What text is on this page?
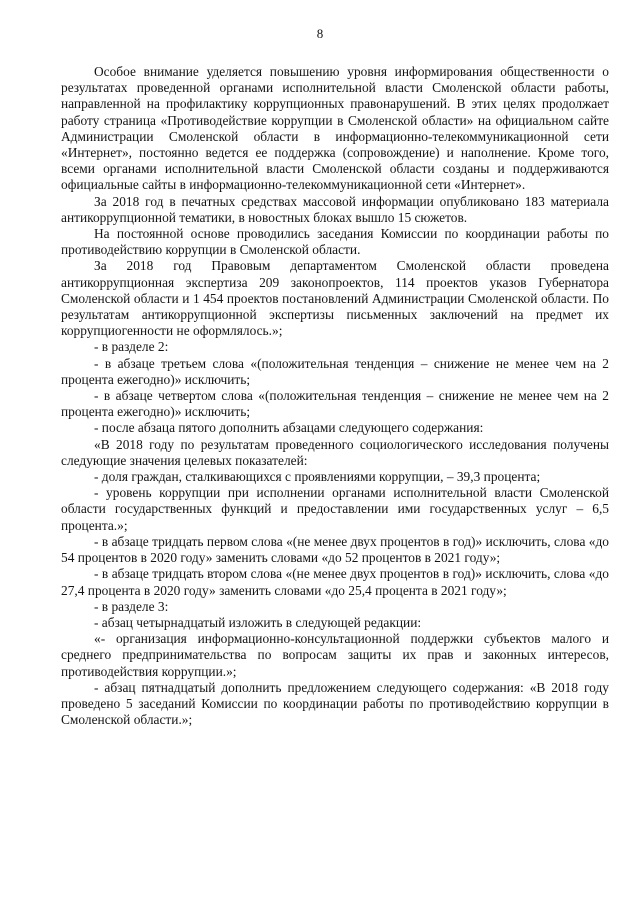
8

Особое внимание уделяется повышению уровня информирования общественности о результатах проведенной органами исполнительной власти Смоленской области работы, направленной на профилактику коррупционных правонарушений. В этих целях продолжает работу страница «Противодействие коррупции в Смоленской области» на официальном сайте Администрации Смоленской области в информационно-телекоммуникационной сети «Интернет», постоянно ведется ее поддержка (сопровождение) и наполнение. Кроме того, всеми органами исполнительной власти Смоленской области созданы и поддерживаются официальные сайты в информационно-телекоммуникационной сети «Интернет».

За 2018 год в печатных средствах массовой информации опубликовано 183 материала антикоррупционной тематики, в новостных блоках вышло 15 сюжетов.

На постоянной основе проводились заседания Комиссии по координации работы по противодействию коррупции в Смоленской области.

За 2018 год Правовым департаментом Смоленской области проведена антикоррупционная экспертиза 209 законопроектов, 114 проектов указов Губернатора Смоленской области и 1 454 проектов постановлений Администрации Смоленской области. По результатам антикоррупционной экспертизы письменных заключений на предмет их коррупциогенности не оформлялось.»;

- в разделе 2:

- в абзаце третьем слова «(положительная тенденция – снижение не менее чем на 2 процента ежегодно)» исключить;

- в абзаце четвертом слова «(положительная тенденция – снижение не менее чем на 2 процента ежегодно)» исключить;

- после абзаца пятого дополнить абзацами следующего содержания:

«В 2018 году по результатам проведенного социологического исследования получены следующие значения целевых показателей:

- доля граждан, сталкивающихся с проявлениями коррупции, – 39,3 процента;

- уровень коррупции при исполнении органами исполнительной власти Смоленской области государственных функций и предоставлении ими государственных услуг – 6,5 процента.»;

- в абзаце тридцать первом слова «(не менее двух процентов в год)» исключить, слова «до 54 процентов в 2020 году» заменить словами «до 52 процентов в 2021 году»;

- в абзаце тридцать втором слова «(не менее двух процентов в год)» исключить, слова «до 27,4 процента в 2020 году» заменить словами «до 25,4 процента в 2021 году»;

- в разделе 3:

- абзац четырнадцатый изложить в следующей редакции:

«- организация информационно-консультационной поддержки субъектов малого и среднего предпринимательства по вопросам защиты их прав и законных интересов, противодействия коррупции.»;

- абзац пятнадцатый дополнить предложением следующего содержания: «В 2018 году проведено 5 заседаний Комиссии по координации работы по противодействию коррупции в Смоленской области.»;
